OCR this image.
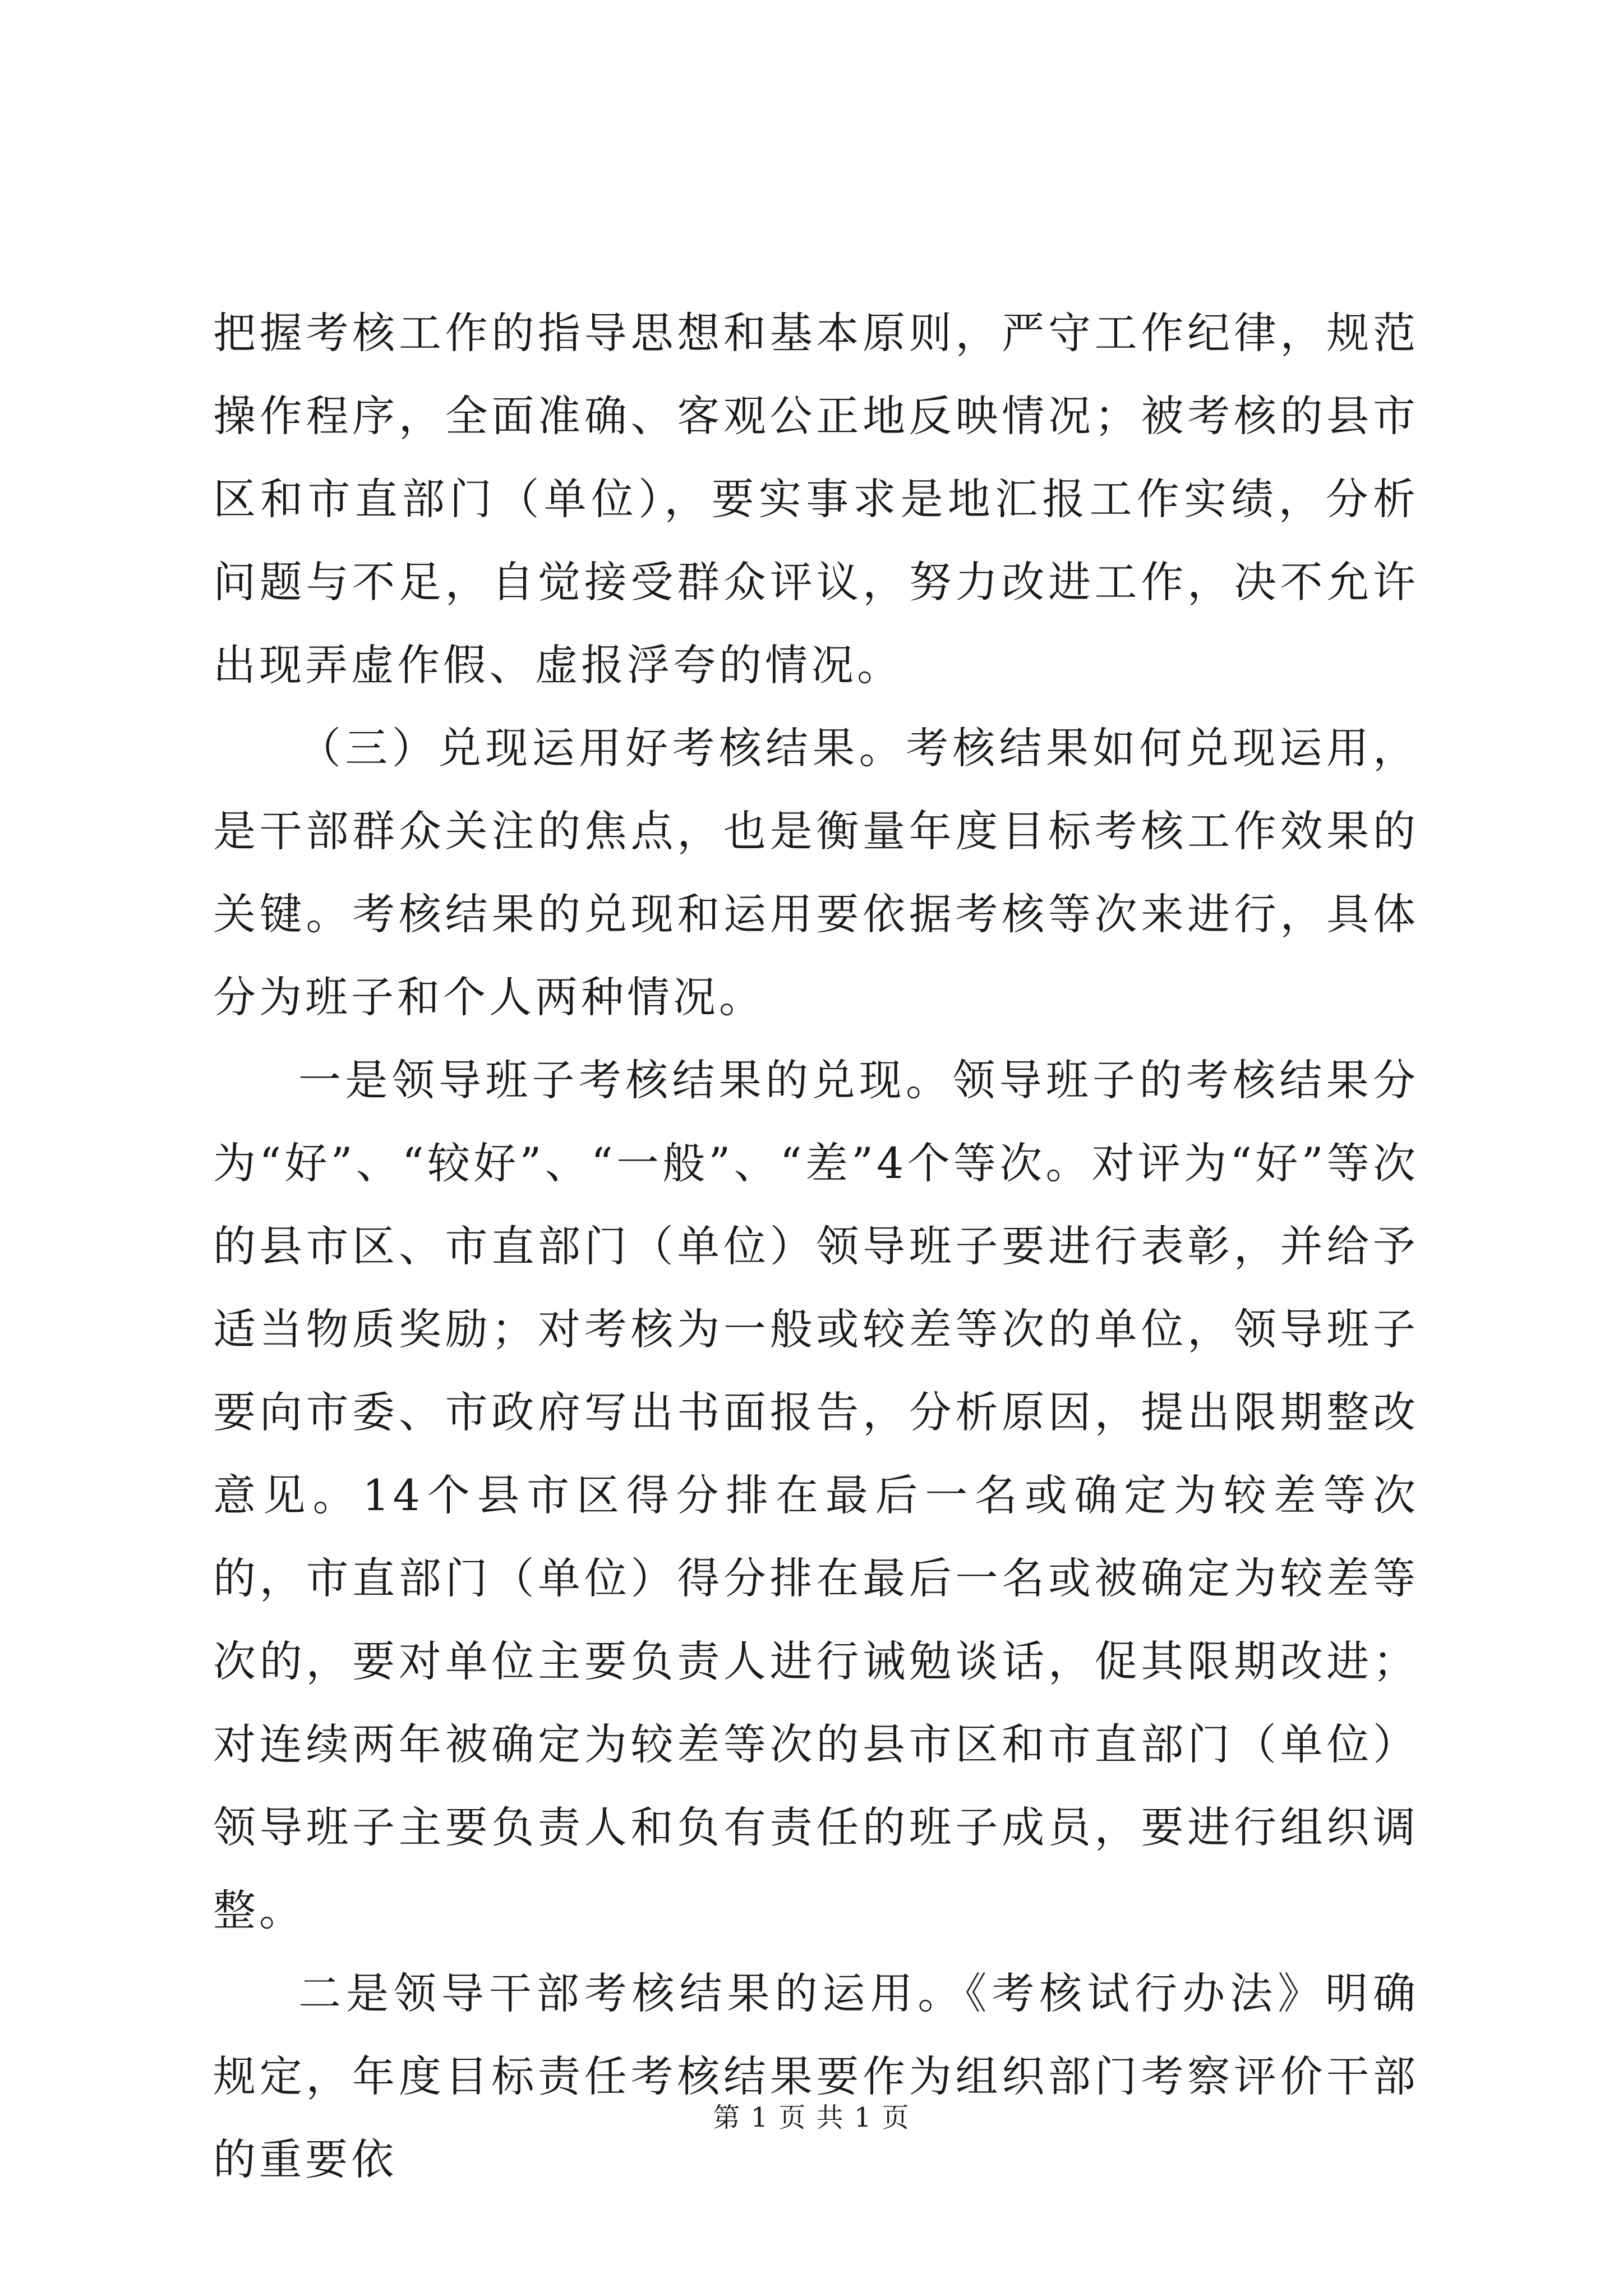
把握考核工作的指导思想和基本原则，严守工作纪律，规范操作程序，全面准确、客观公正地反映情况；被考核的县市区和市直部门（单位），要实事求是地汇报工作实绩，分析问题与不足，自觉接受群众评议，努力改进工作，决不允许出现弄虚作假、虚报浮夸的情况。

（三）兑现运用好考核结果。考核结果如何兑现运用，是干部群众关注的焦点，也是衡量年度目标考核工作效果的关键。考核结果的兑现和运用要依据考核等次来进行，具体分为班子和个人两种情况。

一是领导班子考核结果的兑现。领导班子的考核结果分为“好”、“较好”、“一般”、“差”4个等次。对评为“好”等次的县市区、市直部门（单位）领导班子要进行表彰，并给予适当物质奖励；对考核为一般或较差等次的单位，领导班子要向市委、市政府写出书面报告，分析原因，提出限期整改意见。14个县市区得分排在最后一名或确定为较差等次的，市直部门（单位）得分排在最后一名或被确定为较差等次的，要对单位主要负责人进行诫勉谈话，促其限期改进；对连续两年被确定为较差等次的县市区和市直部门（单位）领导班子主要负责人和负有责任的班子成员，要进行组织调整。

二是领导干部考核结果的运用。《考核试行办法》明确规定，年度目标责任考核结果要作为组织部门考察评价干部的重要依

第 1 页 共 1 页
